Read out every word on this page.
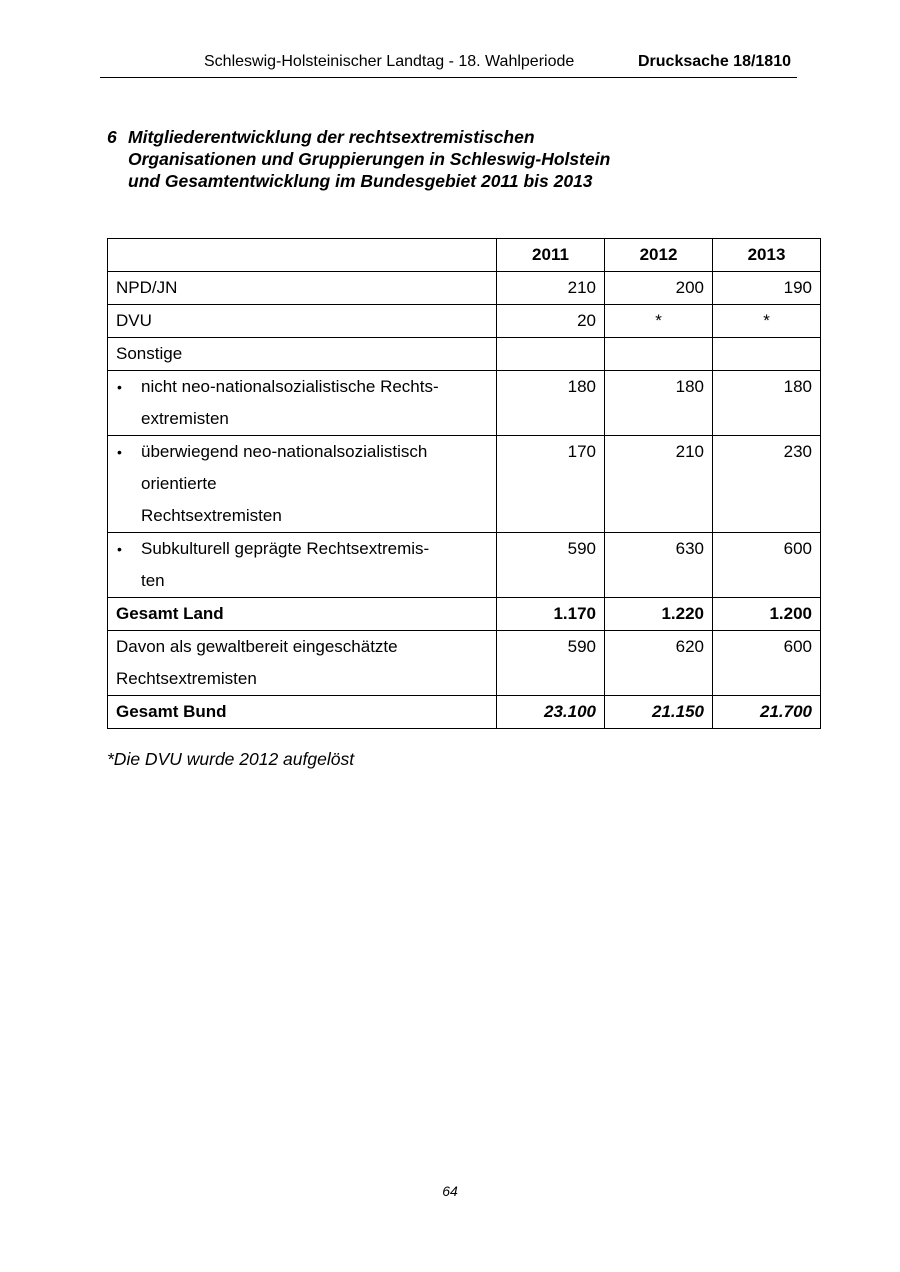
Schleswig-Holsteinischer Landtag - 18. Wahlperiode	Drucksache 18/1810
6 Mitgliederentwicklung der rechtsextremistischen
Organisationen und Gruppierungen in Schleswig-Holstein
und Gesamtentwicklung im Bundesgebiet 2011 bis 2013
	2011	2012	2013
NPD/JN	210	200	190
DVU	20	*	*
Sonstige			

• nicht neo-nationalsozialistische Rechts-
extremisten	180	180	180

• überwiegend neo-nationalsozialistisch
orientierte
Rechtsextremisten	170	210	230

• Subkulturell geprägte Rechtsextremis-
ten	590	630	600
Gesamt Land	1.170	1.220	1.200

Davon als gewaltbereit eingeschätzte
Rechtsextremisten	590	620	600
Gesamt Bund	23.100	21.150	21.700
*Die DVU wurde 2012 aufgelöst
64
